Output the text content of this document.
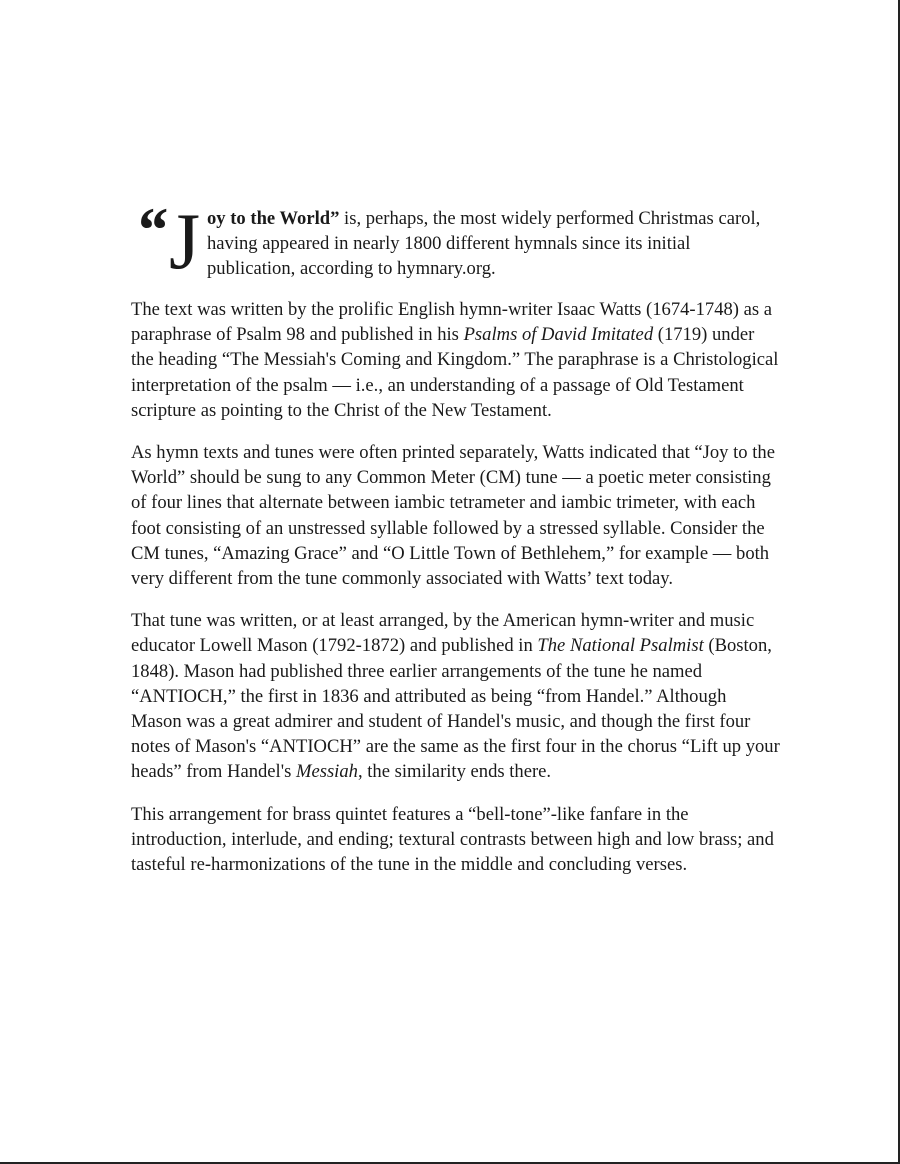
“ J oy to the World” is, perhaps, the most widely performed Christmas carol, having appeared in nearly 1800 different hymnals since its initial publication, according to hymnary.org.

The text was written by the prolific English hymn-writer Isaac Watts (1674-1748) as a paraphrase of Psalm 98 and published in his Psalms of David Imitated (1719) under the heading “The Messiah's Coming and Kingdom.” The paraphrase is a Christological interpretation of the psalm — i.e., an understanding of a passage of Old Testament scripture as pointing to the Christ of the New Testament.

As hymn texts and tunes were often printed separately, Watts indicated that “Joy to the World” should be sung to any Common Meter (CM) tune — a poetic meter consisting of four lines that alternate between iambic tetrameter and iambic trimeter, with each foot consisting of an unstressed syllable followed by a stressed syllable. Consider the CM tunes, “Amazing Grace” and “O Little Town of Bethlehem,” for example — both very different from the tune commonly associated with Watts’ text today.

That tune was written, or at least arranged, by the American hymn-writer and music educator Lowell Mason (1792-1872) and published in The National Psalmist (Boston, 1848). Mason had published three earlier arrangements of the tune he named “ANTIOCH,” the first in 1836 and attributed as being “from Handel.” Although Mason was a great admirer and student of Handel's music, and though the first four notes of Mason's “ANTIOCH” are the same as the first four in the chorus “Lift up your heads” from Handel's Messiah, the similarity ends there.

This arrangement for brass quintet features a “bell-tone”-like fanfare in the introduction, interlude, and ending; textural contrasts between high and low brass; and tasteful re-harmonizations of the tune in the middle and concluding verses.
